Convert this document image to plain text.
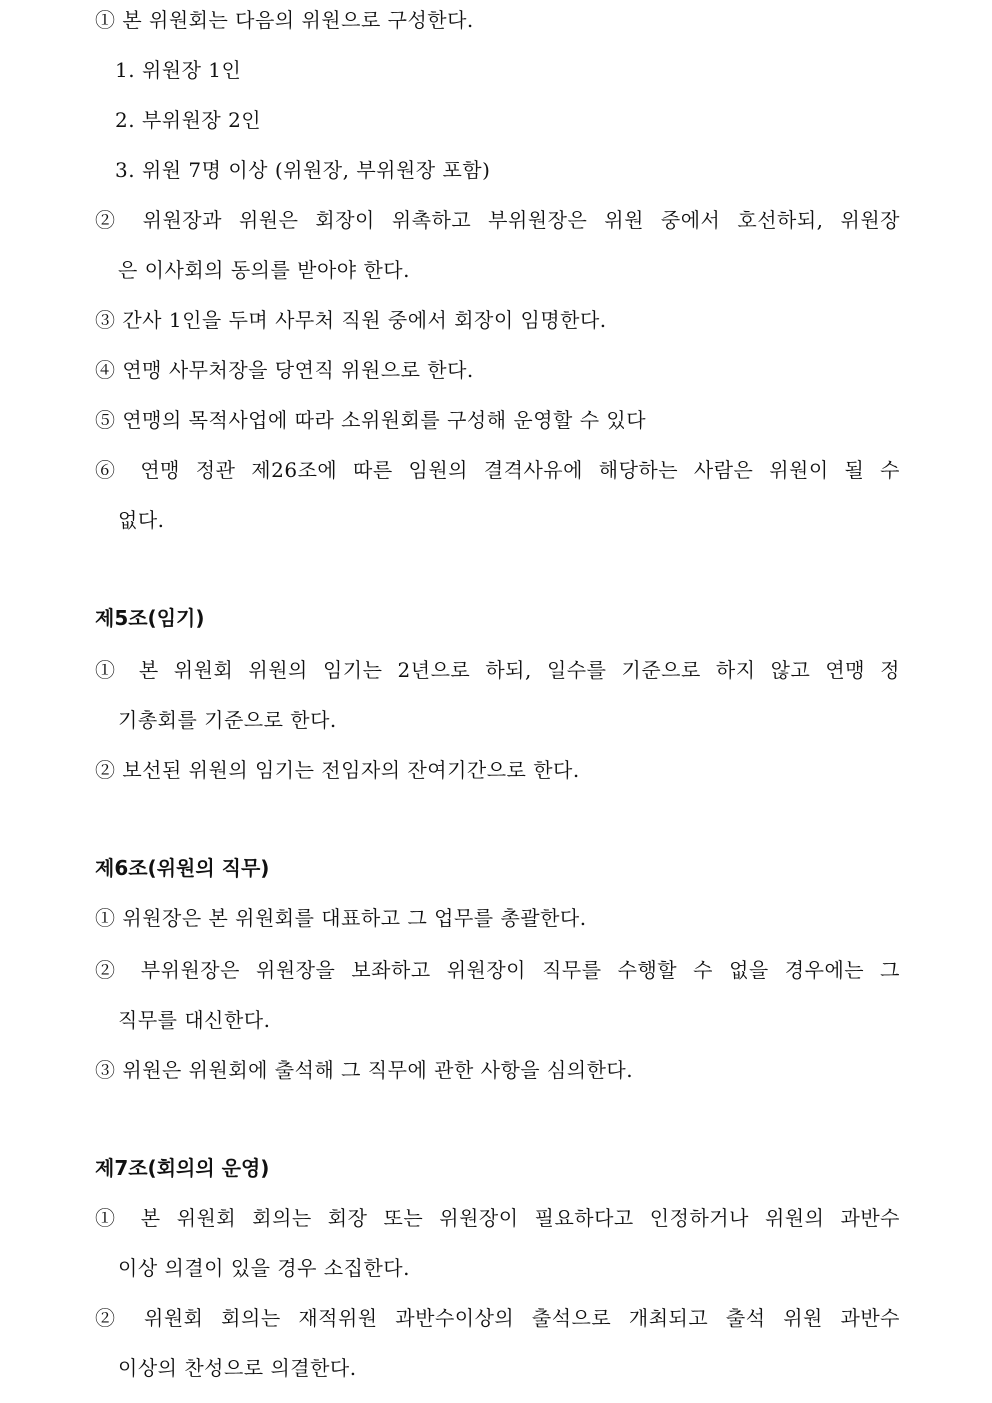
① 본 위원회는 다음의 위원으로 구성한다.
1. 위원장 1인
2. 부위원장 2인
3. 위원 7명 이상 (위원장, 부위원장 포함)
② 위원장과 위원은 회장이 위촉하고 부위원장은 위원 중에서 호선하되, 위원장
은 이사회의 동의를 받아야 한다.
③ 간사 1인을 두며 사무처 직원 중에서 회장이 임명한다.
④ 연맹 사무처장을 당연직 위원으로 한다.
⑤ 연맹의 목적사업에 따라 소위원회를 구성해 운영할 수 있다
⑥ 연맹 정관 제26조에 따른 임원의 결격사유에 해당하는 사람은 위원이 될 수
없다.
제5조(임기)
① 본 위원회 위원의 임기는 2년으로 하되, 일수를 기준으로 하지 않고 연맹 정
기총회를 기준으로 한다.
② 보선된 위원의 임기는 전임자의 잔여기간으로 한다.
제6조(위원의 직무)
① 위원장은 본 위원회를 대표하고 그 업무를 총괄한다.
② 부위원장은 위원장을 보좌하고 위원장이 직무를 수행할 수 없을 경우에는 그
직무를 대신한다.
③ 위원은 위원회에 출석해 그 직무에 관한 사항을 심의한다.
제7조(회의의 운영)
① 본 위원회 회의는 회장 또는 위원장이 필요하다고 인정하거나 위원의 과반수
이상 의결이 있을 경우 소집한다.
② 위원회 회의는 재적위원 과반수이상의 출석으로 개최되고 출석 위원 과반수
이상의 찬성으로 의결한다.
